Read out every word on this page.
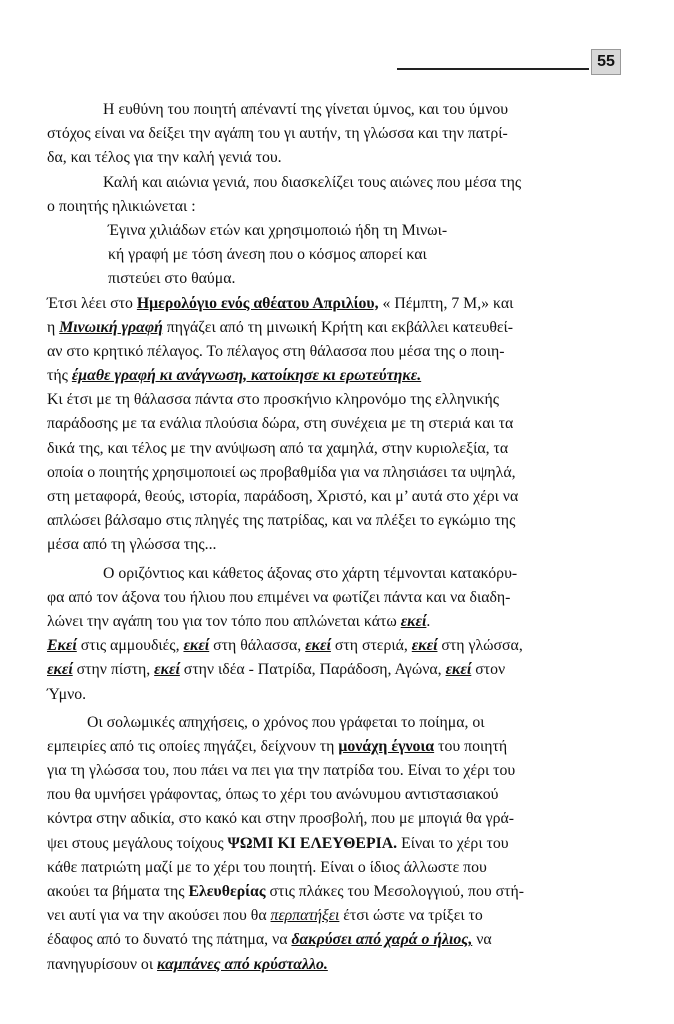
55
Η ευθύνη του ποιητή απέναντί της γίνεται ύμνος, και του ύμνου
στόχος είναι να δείξει την αγάπη του γι αυτήν, τη γλώσσα και την πατρί-
δα, και τέλος για την καλή γενιά του.
Καλή και αιώνια γενιά, που διασκελίζει τους αιώνες που μέσα της
ο ποιητής ηλικιώνεται :
Έγινα χιλιάδων ετών και χρησιμοποιώ ήδη τη Μινωι-
κή γραφή με τόση άνεση που ο κόσμος απορεί και
πιστεύει στο θαύμα.
Έτσι λέει στο Ημερολόγιο ενός αθέατου Απριλίου, « Πέμπτη, 7 Μ,» και
η Μινωική γραφή πηγάζει από τη μινωική Κρήτη και εκβάλλει κατευθεί-
αν στο κρητικό πέλαγος. Το πέλαγος στη θάλασσα που μέσα της ο ποιη-
τής έμαθε γραφή κι ανάγνωση, κατοίκησε κι ερωτεύτηκε.
Κι έτσι με τη θάλασσα πάντα στο προσκήνιο κληρονόμο της ελληνικής
παράδοσης με τα ενάλια πλούσια δώρα, στη συνέχεια με τη στεριά και τα
δικά της, και τέλος με την ανύψωση από τα χαμηλά, στην κυριολεξία, τα
οποία ο ποιητής χρησιμοποιεί ως προβαθμίδα για να πλησιάσει τα υψηλά,
στη μεταφορά, θεούς, ιστορία, παράδοση, Χριστό, και μ’ αυτά στο χέρι να
απλώσει βάλσαμο στις πληγές της πατρίδας, και να πλέξει το εγκώμιο της
μέσα από τη γλώσσα της...
Ο οριζόντιος και κάθετος άξονας στο χάρτη τέμνονται κατακόρυ-
φα από τον άξονα του ήλιου που επιμένει να φωτίζει πάντα και να διαδη-
λώνει την αγάπη του για τον τόπο που απλώνεται κάτω εκεί.
Εκεί στις αμμουδιές, εκεί στη θάλασσα, εκεί στη στεριά, εκεί στη γλώσσα,
εκεί στην πίστη, εκεί στην ιδέα - Πατρίδα, Παράδοση, Αγώνα, εκεί στον
Ύμνο.
Οι σολωμικές απηχήσεις, ο χρόνος που γράφεται το ποίημα, οι
εμπειρίες από τις οποίες πηγάζει, δείχνουν τη μονάχη έγνοια του ποιητή
για τη γλώσσα του, που πάει να πει για την πατρίδα του. Είναι το χέρι του
που θα υμνήσει γράφοντας, όπως το χέρι του ανώνυμου αντιστασιακού
κόντρα στην αδικία, στο κακό και στην προσβολή, που με μπογιά θα γρά-
ψει στους μεγάλους τοίχους ΨΩΜΙ ΚΙ ΕΛΕΥΘΕΡΙΑ. Είναι το χέρι του
κάθε πατριώτη μαζί με το χέρι του ποιητή. Είναι ο ίδιος άλλωστε που
ακούει τα βήματα της Ελευθερίας στις πλάκες του Μεσολογγιού, που στή-
νει αυτί για να την ακούσει που θα περπατήξει έτσι ώστε να τρίξει το
έδαφος από το δυνατό της πάτημα, να δακρύσει από χαρά ο ήλιος, να
πανηγυρίσουν οι καμπάνες από κρύσταλλο.
